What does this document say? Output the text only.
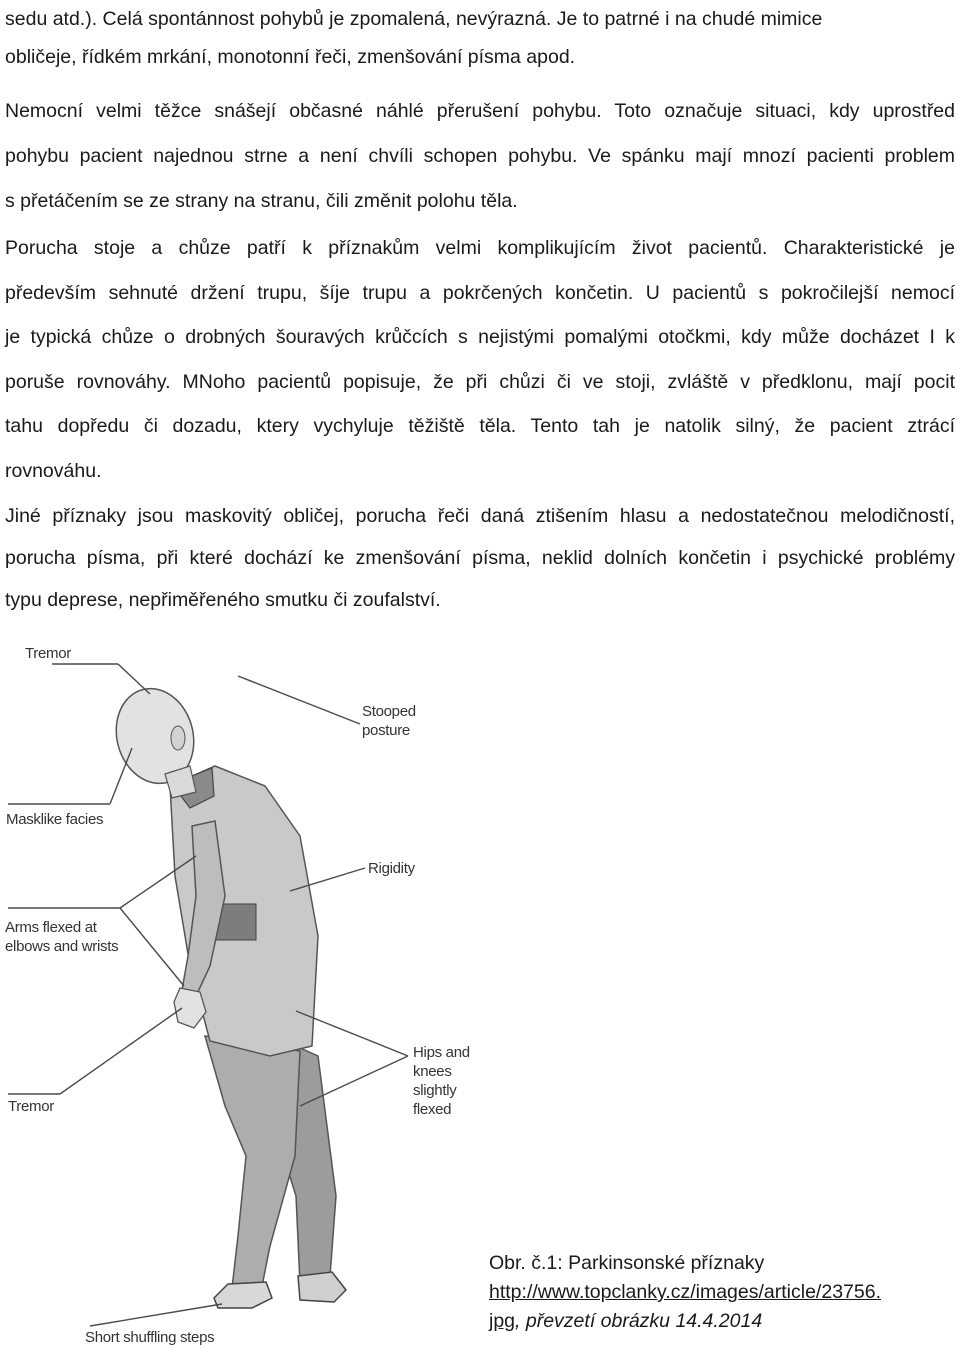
sedu atd.). Celá spontánnost pohybů je zpomalená, nevýrazná. Je to patrné i na chudé mimice
obličeje, řídkém mrkání, monotonní řeči, zmenšování písma apod.
Nemocní velmi těžce snášejí občasné náhlé přerušení pohybu. Toto označuje situaci, kdy uprostřed
pohybu pacient najednou strne a není chvíli schopen pohybu. Ve spánku mají mnozí pacienti problem
s přetáčením se ze strany na stranu, čili změnit polohu těla.
Porucha stoje a chůze patří k příznakům velmi komplikujícím život pacientů. Charakteristické je
především sehnuté držení trupu, šíje trupu a pokrčených končetin. U pacientů s pokročilejší nemocí
je typická chůze o drobných šouravých krůčcích s nejistými pomalými otočkmi, kdy může docházet I k
poruše rovnováhy. MNoho pacientů popisuje, že při chůzi či ve stoji, zvláště v předklonu, mají pocit
tahu dopředu či dozadu, ktery vychyluje těžiště těla. Tento tah je natolik silný, že pacient ztrácí
rovnováhu.
Jiné příznaky jsou maskovitý obličej, porucha řeči daná ztišením hlasu a nedostatečnou melodičností,
porucha písma, při které dochází ke zmenšování písma, neklid dolních končetin i psychické problémy
typu deprese, nepřiměřeného smutku či zoufalství.
Tremor
Stooped
posture
Masklike facies
Rigidity
Arms flexed at
elbows and wrists
Hips and
knees slightly
flexed
Tremor
Short shuffling steps
Obr. č.1: Parkinsonské příznaky
http://www.topclanky.cz/images/article/23756.
jpg, převzetí obrázku 14.4.2014
